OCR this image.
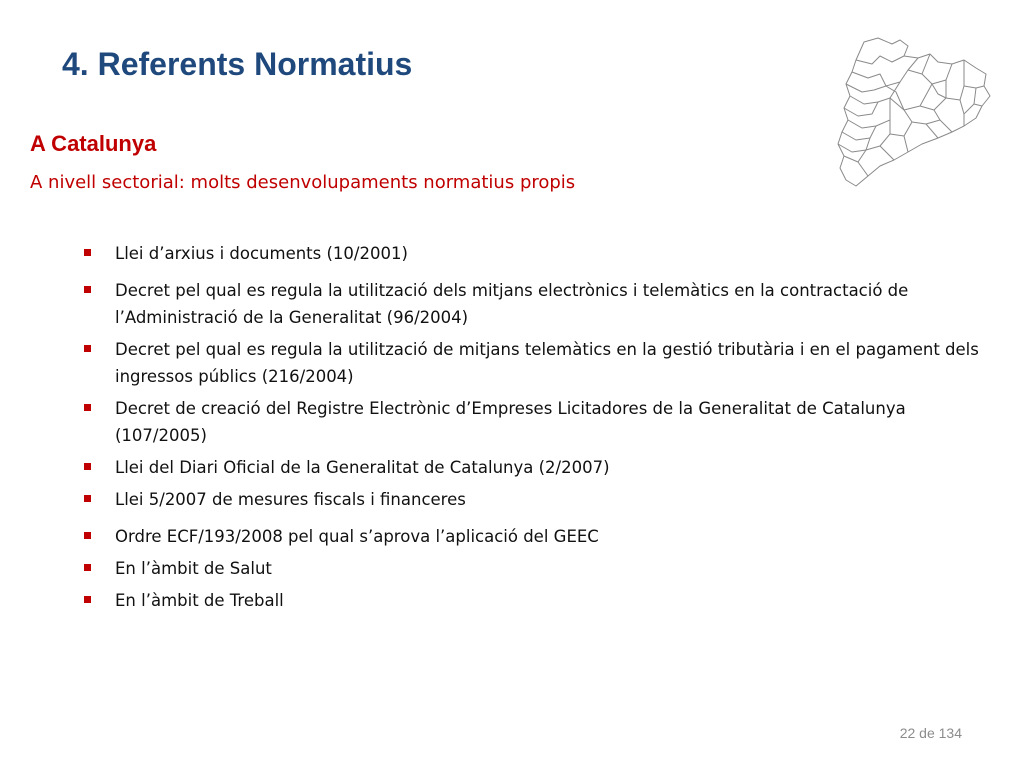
4. Referents Normatius
A Catalunya
A nivell sectorial: molts desenvolupaments normatius propis
Llei d’arxius i documents (10/2001)
Decret pel qual es regula la utilització dels mitjans electrònics i telemàtics en la contractació de l’Administració de la Generalitat (96/2004)
Decret pel qual es regula la utilització de mitjans telemàtics en la gestió tributària i en el pagament dels ingressos públics (216/2004)
Decret de creació del Registre Electrònic d’Empreses Licitadores de la Generalitat de Catalunya (107/2005)
Llei del Diari Oficial de la Generalitat de Catalunya (2/2007)
Llei 5/2007 de mesures fiscals i financeres
Ordre ECF/193/2008 pel qual s’aprova l’aplicació del GEEC
En l’àmbit de Salut
En l’àmbit de Treball
22 de 134
